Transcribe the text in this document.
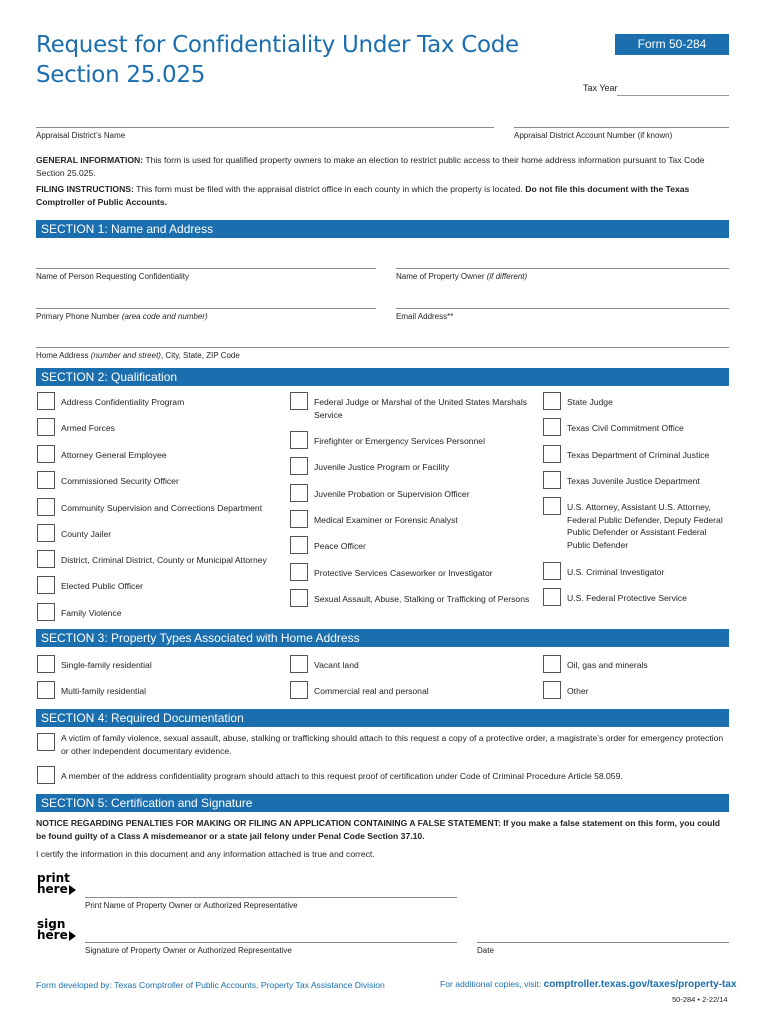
Request for Confidentiality Under Tax Code
Section 25.025
Form 50-284
Tax Year
Appraisal District’s Name	Appraisal District Account Number (if known)
GENERAL INFORMATION: This form is used for qualified property owners to make an election to restrict public access to their home address information pursuant to Tax Code Section 25.025.
FILING INSTRUCTIONS: This form must be filed with the appraisal district office in each county in which the property is located. Do not file this document with the Texas Comptroller of Public Accounts.
SECTION 1: Name and Address
Name of Person Requesting Confidentiality	Name of Property Owner (if different)
Primary Phone Number (area code and number)	Email Address**
Home Address (number and street), City, State, ZIP Code
SECTION 2: Qualification
Address Confidentiality Program
Armed Forces
Attorney General Employee
Commissioned Security Officer
Community Supervision and Corrections Department
County Jailer
District, Criminal District, County or Municipal Attorney
Elected Public Officer
Family Violence
Federal Judge or Marshal of the United States Marshals Service
Firefighter or Emergency Services Personnel
Juvenile Justice Program or Facility
Juvenile Probation or Supervision Officer
Medical Examiner or Forensic Analyst
Peace Officer
Protective Services Caseworker or Investigator
Sexual Assault, Abuse, Stalking or Trafficking of Persons
State Judge
Texas Civil Commitment Office
Texas Department of Criminal Justice
Texas Juvenile Justice Department
U.S. Attorney, Assistant U.S. Attorney, Federal Public Defender, Deputy Federal Public Defender or Assistant Federal Public Defender
U.S. Criminal Investigator
U.S. Federal Protective Service
SECTION 3: Property Types Associated with Home Address
Single-family residential	Vacant land	Oil, gas and minerals
Multi-family residential	Commercial real and personal	Other
SECTION 4: Required Documentation
A victim of family violence, sexual assault, abuse, stalking or trafficking should attach to this request a copy of a protective order, a magistrate’s order for emergency protection or other independent documentary evidence.
A member of the address confidentiality program should attach to this request proof of certification under Code of Criminal Procedure Article 58.059.
SECTION 5: Certification and Signature
NOTICE REGARDING PENALTIES FOR MAKING OR FILING AN APPLICATION CONTAINING A FALSE STATEMENT: If you make a false statement on this form, you could be found guilty of a Class A misdemeanor or a state jail felony under Penal Code Section 37.10.
I certify the information in this document and any information attached is true and correct.
print
here
Print Name of Property Owner or Authorized Representative
sign
here
Signature of Property Owner or Authorized Representative	Date
Form developed by: Texas Comptroller of Public Accounts, Property Tax Assistance Division	For additional copies, visit: comptroller.texas.gov/taxes/property-tax
50-284 • 2-22/14
